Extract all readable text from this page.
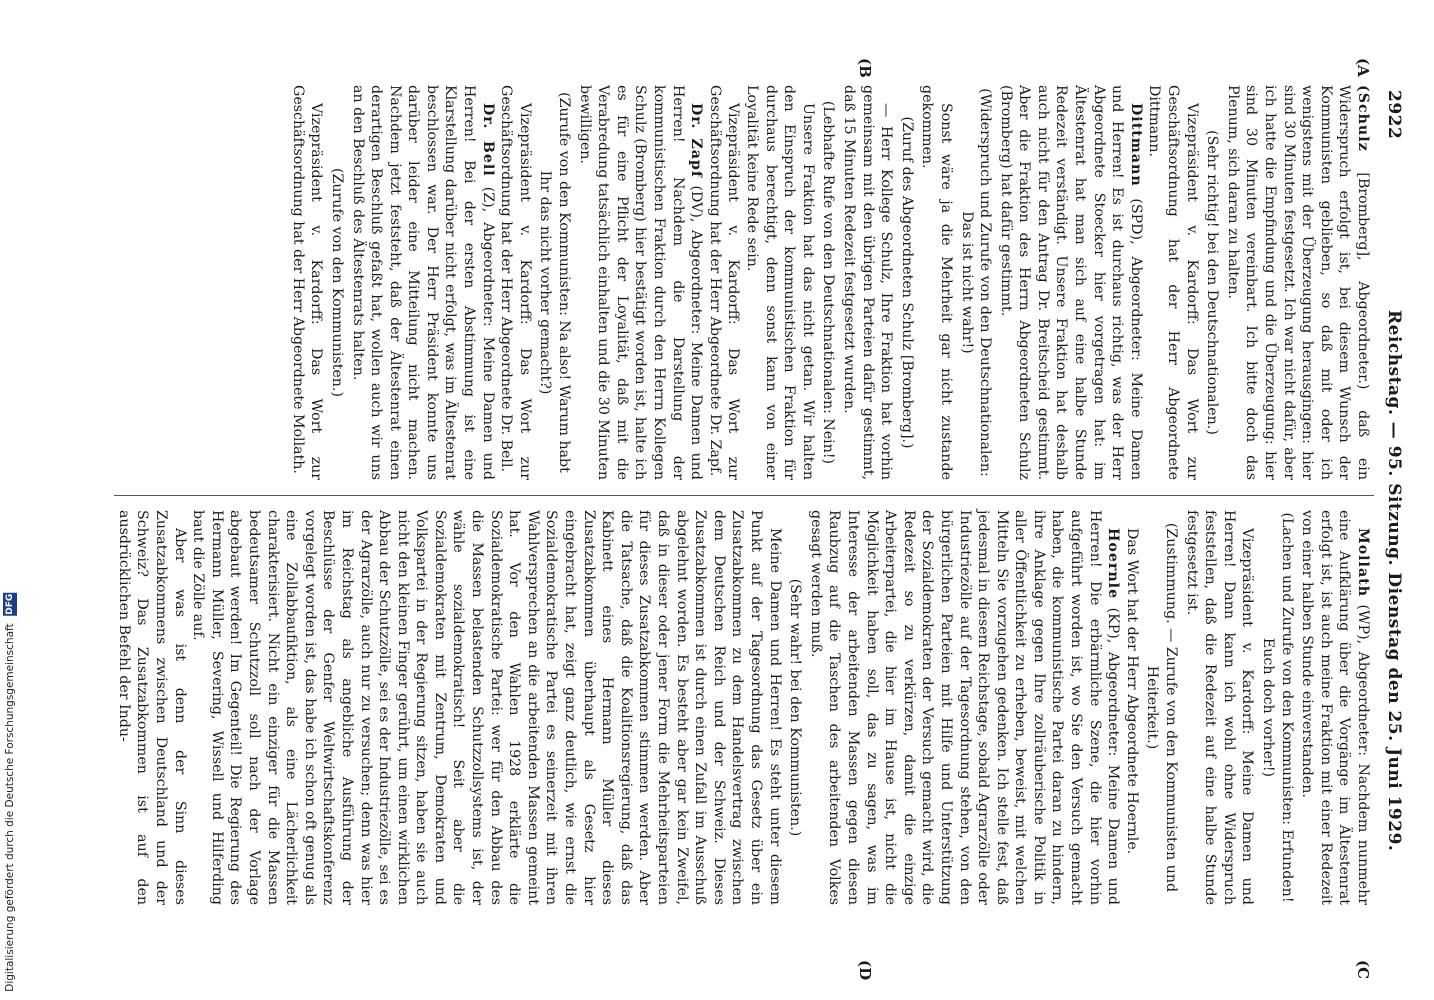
2922
Reichstag. — 95. Sitzung. Dienstag den 25. Juni 1929.
(A
(B
(C
(D

(Schulz [Bromberg], Abgeordneter.) daß ein Widerspruch erfolgt ist, bei diesem Wunsch der Kommunisten geblieben, so daß mit oder ich wenigstens mit der Überzeugung herausgingen: hier sind 30 Minuten festgesetzt. Ich war nicht dafür, aber ich hatte die Empfindung und die Überzeugung: hier sind 30 Minuten vereinbart. Ich bitte doch das Plenum, sich daran zu halten.

(Sehr richtig! bei den Deutschnationalen.)

Vizepräsident v. Kardorff: Das Wort zur Geschäftsordnung hat der Herr Abgeordnete Dittmann.

Dittmann (SPD), Abgeordneter: Meine Damen und Herren! Es ist durchaus richtig, was der Herr Abgeordnete Stoecker hier vorgetragen hat: im Ältestenrat hat man sich auf eine halbe Stunde Redezeit verständigt. Unsere Fraktion hat deshalb auch nicht für den Antrag Dr. Breitscheid gestimmt. Aber die Fraktion des Herrn Abgeordneten Schulz (Bromberg) hat dafür gestimmt.

(Widerspruch und Zurufe von den Deutschnationalen: Das ist nicht wahr!)

Sonst wäre ja die Mehrheit gar nicht zustande gekommen.

(Zuruf des Abgeordneten Schulz [Bromberg].)

— Herr Kollege Schulz, Ihre Fraktion hat vorhin gemeinsam mit den übrigen Parteien dafür gestimmt, daß 15 Minuten Redezeit festgesetzt wurden.

(Lebhafte Rufe von den Deutschnationalen: Nein!)

Unsere Fraktion hat das nicht getan. Wir halten den Einspruch der kommunistischen Fraktion für durchaus berechtigt, denn sonst kann von einer Loyalität keine Rede sein.

Vizepräsident v. Kardorff: Das Wort zur Geschäftsordnung hat der Herr Abgeordnete Dr. Zapf.

Dr. Zapf (DV), Abgeordneter: Meine Damen und Herren! Nachdem die Darstellung der kommunistischen Fraktion durch den Herrn Kollegen Schulz (Bromberg) hier bestätigt worden ist, halte ich es für eine Pflicht der Loyalität, daß mit die Verabredung tatsächlich einhalten und die 30 Minuten bewilligen.

(Zurufe von den Kommunisten: Na also! Warum habt Ihr das nicht vorher gemacht?)

Vizepräsident v. Kardorff: Das Wort zur Geschäftsordnung hat der Herr Abgeordnete Dr. Bell.

Dr. Bell (Z), Abgeordneter: Meine Damen und Herren! Bei der ersten Abstimmung ist eine Klarstellung darüber nicht erfolgt, was im Ältestenrat beschlossen war. Der Herr Präsident konnte uns darüber leider eine Mitteilung nicht machen. Nachdem jetzt feststeht, daß der Ältestenrat einen derartigen Beschluß gefaßt hat, wollen auch wir uns an den Beschluß des Ältestenrats halten.

(Zurufe von den Kommunisten.)

Vizepräsident v. Kardorff: Das Wort zur Geschäftsordnung hat der Herr Abgeordnete Mollath.

Mollath (WP), Abgeordneter: Nachdem nunmehr eine Aufklärung über die Vorgänge im Ältestenrat erfolgt ist, ist auch meine Fraktion mit einer Redezeit von einer halben Stunde einverstanden.

(Lachen und Zurufe von den Kommunisten: Erfunden! Euch doch vorher!)

Vizepräsident v. Kardorff: Meine Damen und Herren! Dann kann ich wohl ohne Widerspruch feststellen, daß die Redezeit auf eine halbe Stunde festgesetzt ist.

(Zustimmung. — Zurufe von den Kommunisten und Heiterkeit.)

Das Wort hat der Herr Abgeordnete Hoernle.

Hoernle (KP), Abgeordneter: Meine Damen und Herren! Die erbärmliche Szene, die hier vorhin aufgeführt worden ist, wo Sie den Versuch gemacht haben, die kommunistische Partei daran zu hindern, ihre Anklage gegen Ihre zollräuberische Politik in aller Öffentlichkeit zu erheben, beweist, mit welchen Mitteln Sie vorzugehen gedenken. Ich stelle fest, daß jedesmal in diesem Reichstage, sobald Agrarzölle oder Industriezölle auf der Tagesordnung stehen, von den bürgerlichen Parteien mit Hilfe und Unterstützung der Sozialdemokraten der Versuch gemacht wird, die Redezeit so zu verkürzen, damit die einzige Arbeiterpartei, die hier im Hause ist, nicht die Möglichkeit haben soll, das zu sagen, was im Interesse der arbeitenden Massen gegen diesen Raubzug auf die Taschen des arbeitenden Volkes gesagt werden muß.

(Sehr wahr! bei den Kommunisten.)

Meine Damen und Herren! Es steht unter diesem Punkt auf der Tagesordnung das Gesetz über ein Zusatzabkommen zu dem Handelsvertrag zwischen dem Deutschen Reich und der Schweiz. Dieses Zusatzabkommen ist durch einen Zufall im Ausschuß abgelehnt worden. Es besteht aber gar kein Zweifel, daß in dieser oder jener Form die Mehrheitsparteien für dieses Zusatzabkommen stimmen werden. Aber die Tatsache, daß die Koalitionsregierung, daß das Kabinett eines Hermann Müller dieses Zusatzabkommen überhaupt als Gesetz hier eingebracht hat, zeigt ganz deutlich, wie ernst die Sozialdemokratische Partei es seinerzeit mit ihren Wahlversprechen an die arbeitenden Massen gemeint hat. Vor den Wahlen 1928 erklärte die Sozialdemokratische Partei: wer für den Abbau des die Massen belastenden Schutzzollsystems ist, der wähle sozialdemokratisch! Seit aber die Sozialdemokraten mit Zentrum, Demokraten und Volkspartei in der Regierung sitzen, haben sie auch nicht den kleinen Finger gerührt, um einen wirklichen Abbau der Schutzzölle, sei es der Industriezölle, sei es der Agrarzölle, auch nur zu versuchen; denn was hier im Reichstag als angebliche Ausführung der Beschlüsse der Genfer Weltwirtschaftskonferenz vorgelegt worden ist, das habe ich schon oft genug als eine Zollabbaufiktion, als eine Lächerlichkeit charakterisiert. Nicht ein einziger für die Massen bedeutsamer Schutzzoll soll nach der Vorlage abgebaut werden! Im Gegenteil! Die Regierung des Hermann Müller, Severing, Wissell und Hilferding baut die Zölle auf.

Aber was ist denn der Sinn dieses Zusatzabkommens zwischen Deutschland und der Schweiz? Das Zusatzabkommen ist auf den ausdrücklichen Befehl der Indu-

Digitalisierung gefördert durch die Deutsche Forschungsgemeinschaft DFG
